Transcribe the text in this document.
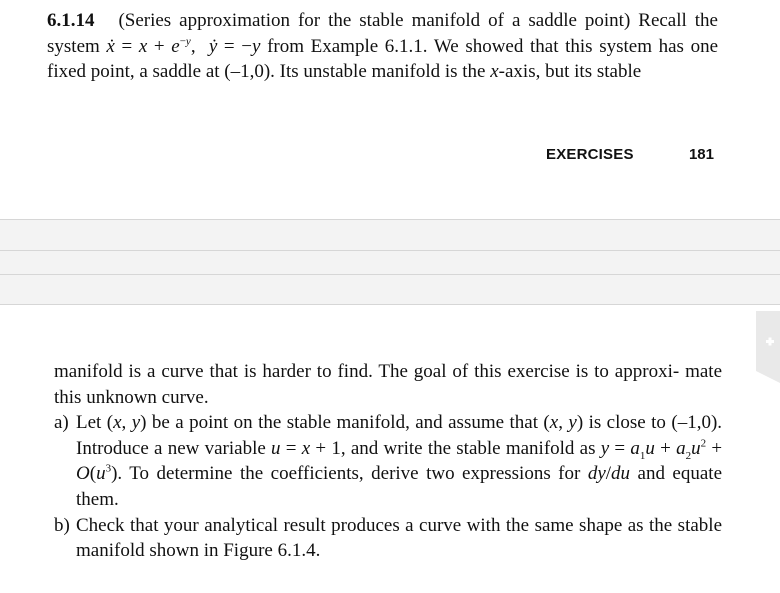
6.1.14 (Series approximation for the stable manifold of a saddle point) Recall the system ẋ = $x + e^{-y}$, ẏ = −y from Example 6.1.1. We showed that this system has one fixed point, a saddle at (–1,0). Its unstable manifold is the x-axis, but its stable

EXERCISES	181

manifold is a curve that is harder to find. The goal of this exercise is to approxi- mate this unknown curve.

a) Let (x, y) be a point on the stable manifold, and assume that (x, y) is close to (–1,0). Introduce a new variable u = x + 1, and write the stable manifold as $y = a_1u + a_2u^2 + O(u^3)$. To determine the coefficients, derive two expressions for dy/du and equate them.
b) Check that your analytical result produces a curve with the same shape as the stable manifold shown in Figure 6.1.4.
